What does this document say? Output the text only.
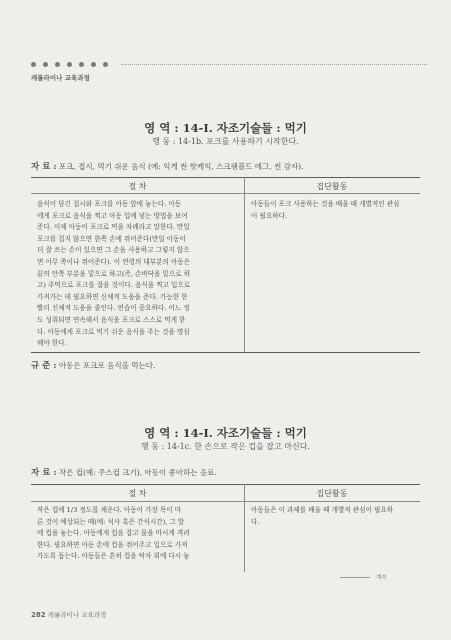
캐롤라이나 교육과정
영 역 : 14-Ⅰ. 자조기술들 : 먹기
행 동 : 14-1b. 포크를 사용하기 시작한다.
자 료 : 포크, 접시, 먹기 쉬운 음식 (예: 익게 썬 핫케익, 스크램블드 에그, 썬 감자).
절 차	집단활동
음식이 담긴 접시와 포크를 아동 앞에 놓는다. 아동
에게 포크로 음식을 찍고 아동 입에 넣는 방법을 보여
준다. 이제 아동이 포크로 먹을 차례라고 말한다. 만일
포크를 집지 않으면 한쪽 손에 쥐어준다(만일 아동이
더 잘 쓰는 손이 있으면 그 손을 사용하고 그렇지 않으
면 아무 쪽이나 쥐어준다). 이 연령의 대부분의 아동은
끝의 안쪽 부분을 밑으로 하고(즉, 손바닥을 밑으로 하
고) 주먹으로 포크를 잡을 것이다. 음식을 찍고 입으로
가져가는 데 필요하면 신체적 도움을 준다. 가능한 한
빨리 신체적 도움을 줄인다. 연습이 중요하다. 어느 정
도 성취되면 연속해서 음식을 포크로 스스로 먹게 한
다. 아동에게 포크로 먹기 쉬운 음식을 주는 것을 명심
해야 한다.
아동들이 포크 사용하는 것을 배울 때 개별적인 관심
이 필요하다.
규 준 : 아동은 포크로 음식을 먹는다.
영 역 : 14-Ⅰ. 자조기술들 : 먹기
행 동 : 14-1c. 한 손으로 작은 컵을 잡고 마신다.
자 료 : 작은 컵(예: 주스컵 크기), 아동이 좋아하는 음료.
절 차	집단활동
작은 컵에 1/3 정도를 채운다. 아동이 가장 목이 마
른 것이 예상되는 때(예: 식사 혹은 간식시간), 그 앞
에 컵을 놓는다. 아동에게 컵을 잡고 물을 마시게 격려
한다. 필요하면 아동 손에 컵을 쥐어주고 입으로 가져
가도록 돕는다. 아동들은 흔히 컵을 탁자 위에 다시 놓
아동들은 이 과제를 배울 때 개별적 관심이 필요하
다.
계속
282 캐롤라이나 교육과정
